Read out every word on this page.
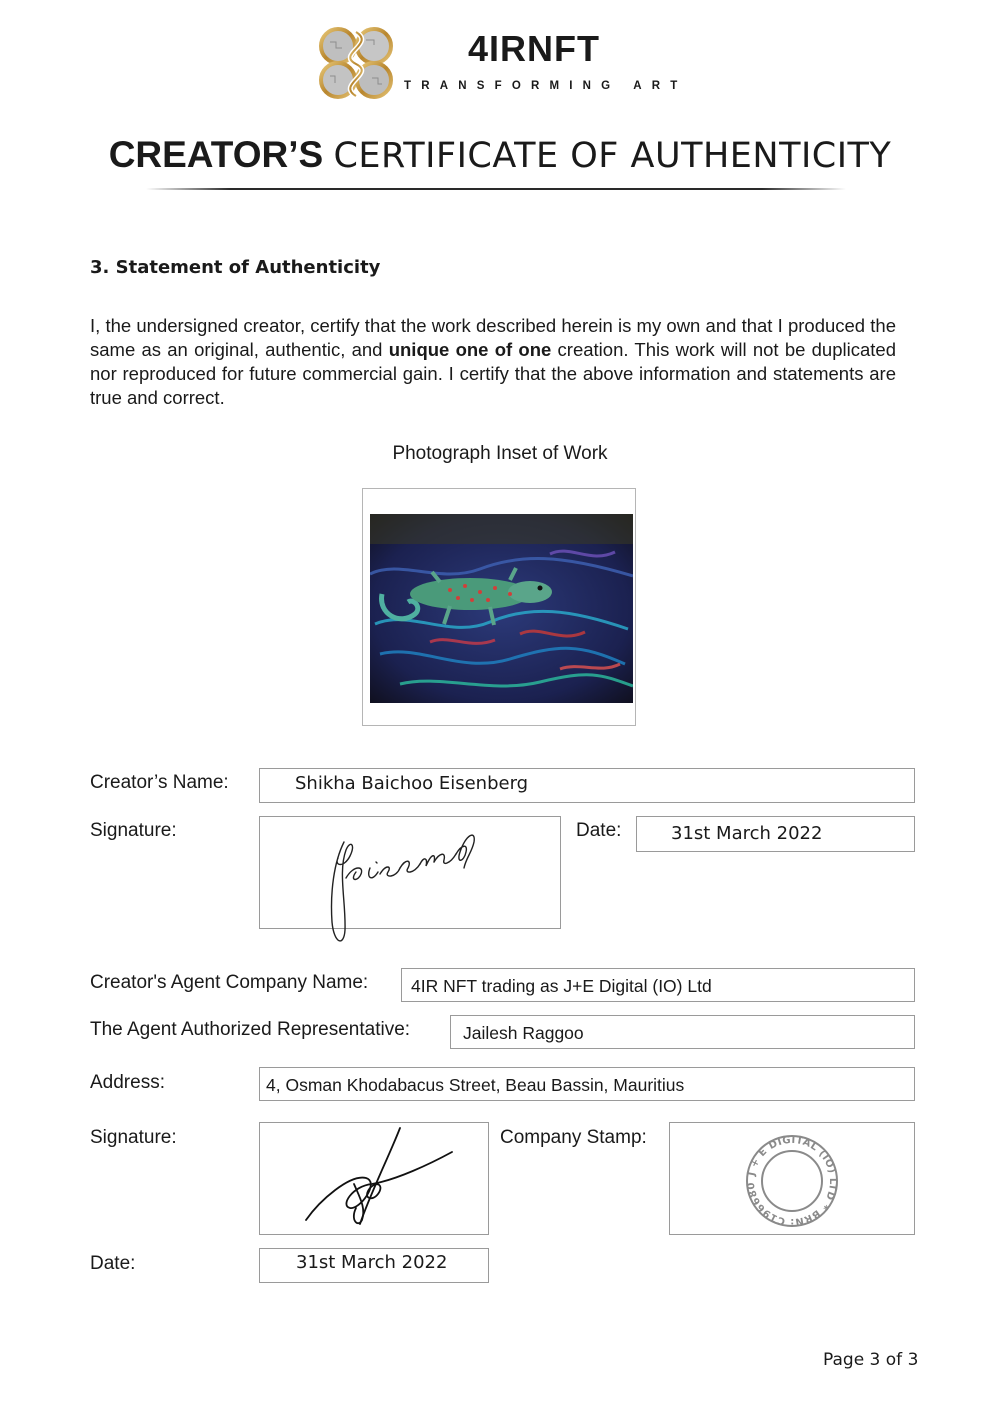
4IRNFT
TRANSFORMING ART
CREATOR’S CERTIFICATE OF AUTHENTICITY
3. Statement of Authenticity
I, the undersigned creator, certify that the work described herein is my own and that I produced the same as an original, authentic, and unique one of one creation. This work will not be duplicated nor reproduced for future commercial gain. I certify that the above information and statements are true and correct.
Photograph Inset of Work
Creator’s Name:	Shikha Baichoo Eisenberg
Signature:	Date:	31st March 2022
Creator's Agent Company Name: 4IR NFT trading as J+E Digital (IO) Ltd
The Agent Authorized Representative:	Jailesh Raggoo
Address:	4, Osman Khodabacus Street, Beau Bassin, Mauritius
Signature:	Company Stamp:
J + E DIGITAL (IO) LTD * BRN: C196680
Date:	31st March 2022
Page 3 of 3
